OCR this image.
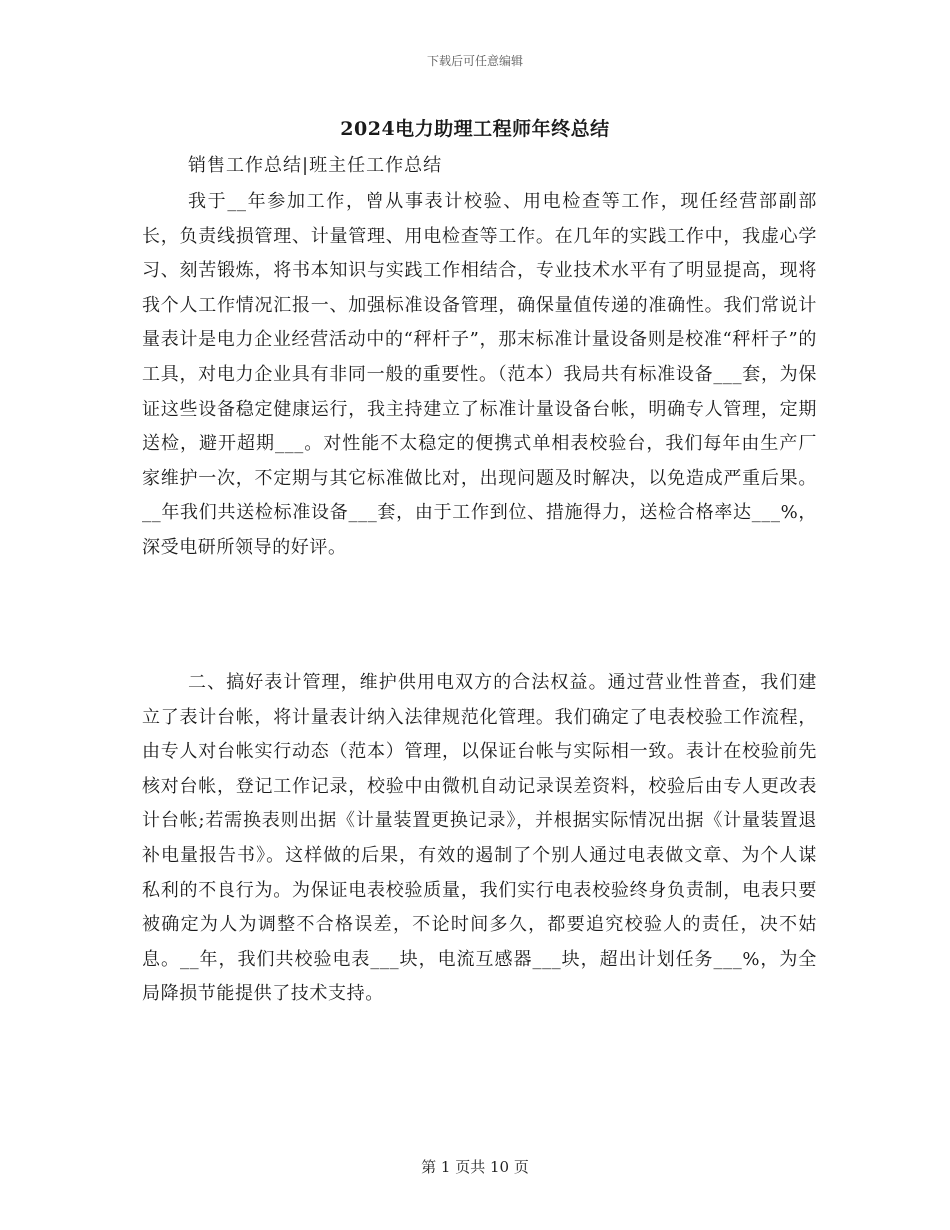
下载后可任意编辑
2024电力助理工程师年终总结
销售工作总结|班主任工作总结

我于__年参加工作，曾从事表计校验、用电检查等工作，现任经营部副部长，负责线损管理、计量管理、用电检查等工作。在几年的实践工作中，我虚心学习、刻苦锻炼，将书本知识与实践工作相结合，专业技术水平有了明显提高，现将我个人工作情况汇报一、加强标准设备管理，确保量值传递的准确性。我们常说计量表计是电力企业经营活动中的“秤杆子”，那末标准计量设备则是校准“秤杆子”的工具，对电力企业具有非同一般的重要性。（范本）我局共有标准设备___套，为保证这些设备稳定健康运行，我主持建立了标准计量设备台帐，明确专人管理，定期送检，避开超期___。对性能不太稳定的便携式单相表校验台，我们每年由生产厂家维护一次，不定期与其它标准做比对，出现问题及时解决，以免造成严重后果。__年我们共送检标准设备___套，由于工作到位、措施得力，送检合格率达___%，深受电研所领导的好评。

二、搞好表计管理，维护供用电双方的合法权益。通过营业性普查，我们建立了表计台帐，将计量表计纳入法律规范化管理。我们确定了电表校验工作流程，由专人对台帐实行动态（范本）管理，以保证台帐与实际相一致。表计在校验前先核对台帐，登记工作记录，校验中由微机自动记录误差资料，校验后由专人更改表计台帐;若需换表则出据《计量装置更换记录》，并根据实际情况出据《计量装置退补电量报告书》。这样做的后果，有效的遏制了个别人通过电表做文章、为个人谋私利的不良行为。为保证电表校验质量，我们实行电表校验终身负责制，电表只要被确定为人为调整不合格误差，不论时间多久，都要追究校验人的责任，决不姑息。__年，我们共校验电表___块，电流互感器___块，超出计划任务___%，为全局降损节能提供了技术支持。

第 1 页共 10 页
